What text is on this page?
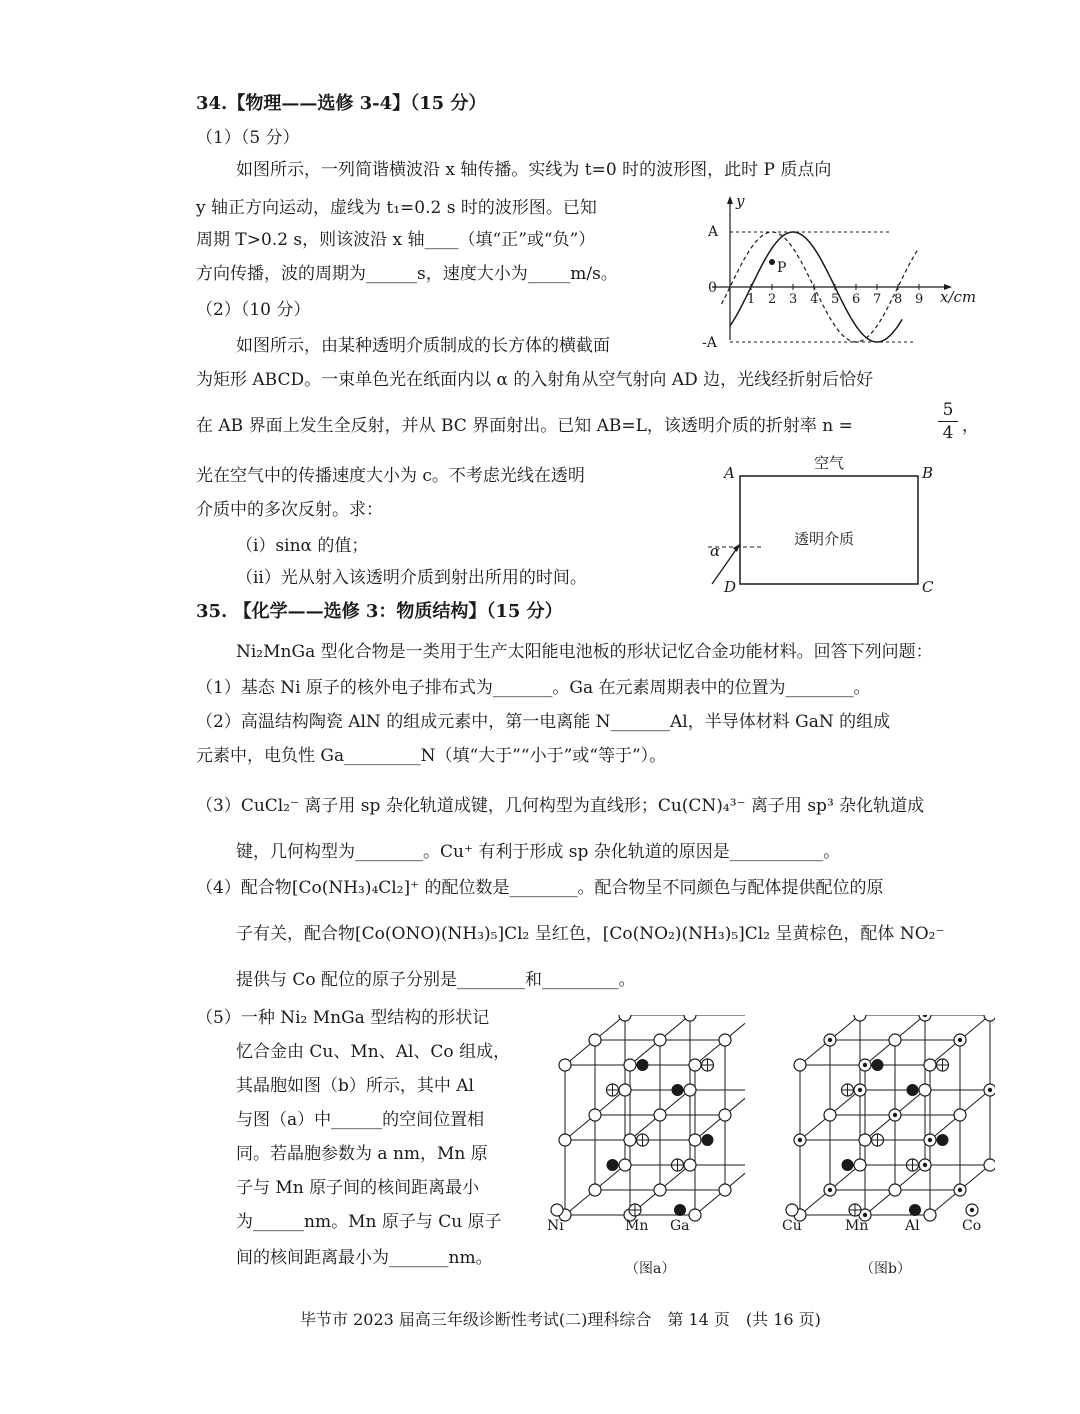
34.【物理——选修 3-4】（15 分）
（1）（5 分）
如图所示，一列简谐横波沿 x 轴传播。实线为 t=0 时的波形图，此时 P 质点向
y 轴正方向运动，虚线为 t₁=0.2 s 时的波形图。已知
周期 T>0.2 s，则该波沿 x 轴____（填“正”或“负”）
方向传播，波的周期为______s，速度大小为_____m/s。
（2）（10 分）
如图所示，由某种透明介质制成的长方体的横截面
为矩形 ABCD。一束单色光在纸面内以 α 的入射角从空气射向 AD 边，光线经折射后恰好
在 AB 界面上发生全反射，并从 BC 界面射出。已知 AB=L，该透明介质的折射率 n =
5
4 ，
光在空气中的传播速度大小为 c。不考虑光线在透明
介质中的多次反射。求：
（i）sinα 的值；
（ii）光从射入该透明介质到射出所用的时间。
P
y
A
-A
0
1 2 3 4 5 6 7 8 9 x/cm
A	B
C
D
空气
透明介质
α
35. 【化学——选修 3：物质结构】（15 分）
Ni₂MnGa 型化合物是一类用于生产太阳能电池板的形状记忆合金功能材料。回答下列问题：
（1）基态 Ni 原子的核外电子排布式为_______。Ga 在元素周期表中的位置为________。
（2）高温结构陶瓷 AlN 的组成元素中，第一电离能 N_______Al，半导体材料 GaN 的组成
元素中，电负性 Ga_________N（填“大于”“小于”或“等于”）。
（3）CuCl₂⁻ 离子用 sp 杂化轨道成键，几何构型为直线形；Cu(CN)₄³⁻ 离子用 sp³ 杂化轨道成
键，几何构型为________。Cu⁺ 有利于形成 sp 杂化轨道的原因是___________。
（4）配合物[Co(NH₃)₄Cl₂]⁺ 的配位数是________。配合物呈不同颜色与配体提供配位的原
子有关，配合物[Co(ONO)(NH₃)₅]Cl₂ 呈红色，[Co(NO₂)(NH₃)₅]Cl₂ 呈黄棕色，配体 NO₂⁻
提供与 Co 配位的原子分别是________和_________。
（5）一种 Ni₂ MnGa 型结构的形状记
忆合金由 Cu、Mn、Al、Co 组成，
其晶胞如图（b）所示，其中 Al
与图（a）中______的空间位置相
同。若晶胞参数为 a nm，Mn 原
子与 Mn 原子间的核间距离最小
为______nm。Mn 原子与 Cu 原子
间的核间距离最小为_______nm。
Ni	Mn Ga
（图a）
Cu	Mn	Al	Co
（图b）
毕节市 2023 届高三年级诊断性考试(二)理科综合　第 14 页　(共 16 页)
